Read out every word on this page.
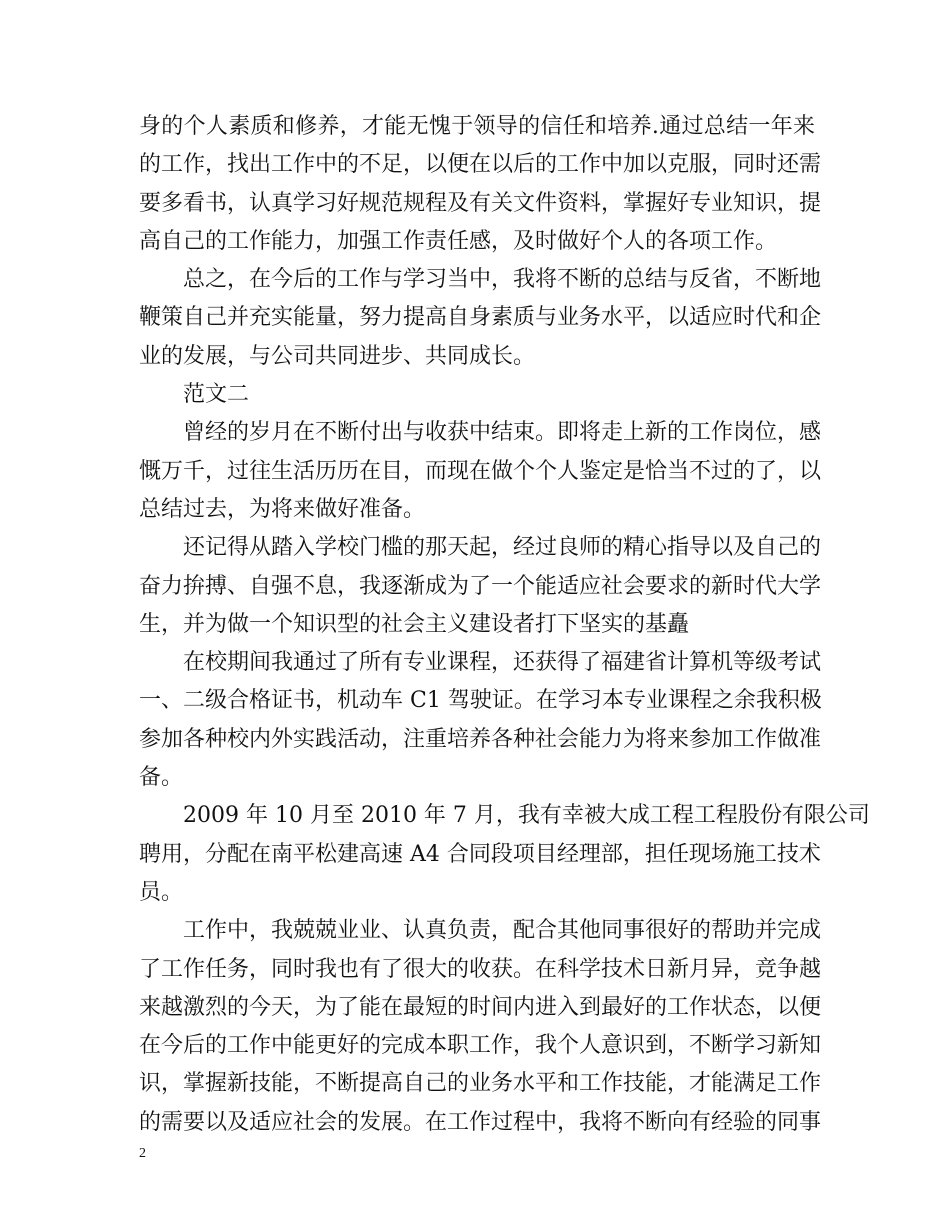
身的个人素质和修养，才能无愧于领导的信任和培养.通过总结一年来
的工作，找出工作中的不足，以便在以后的工作中加以克服，同时还需
要多看书，认真学习好规范规程及有关文件资料，掌握好专业知识，提
高自己的工作能力，加强工作责任感，及时做好个人的各项工作。
总之，在今后的工作与学习当中，我将不断的总结与反省，不断地
鞭策自己并充实能量，努力提高自身素质与业务水平，以适应时代和企
业的发展，与公司共同进步、共同成长。
范文二
曾经的岁月在不断付出与收获中结束。即将走上新的工作岗位，感
慨万千，过往生活历历在目，而现在做个个人鉴定是恰当不过的了，以
总结过去，为将来做好准备。
还记得从踏入学校门槛的那天起，经过良师的精心指导以及自己的
奋力拚搏、自强不息，我逐渐成为了一个能适应社会要求的新时代大学
生，并为做一个知识型的社会主义建设者打下坚实的基矗
在校期间我通过了所有专业课程，还获得了福建省计算机等级考试
一、二级合格证书，机动车 C1 驾驶证。在学习本专业课程之余我积极
参加各种校内外实践活动，注重培养各种社会能力为将来参加工作做准
备。
2009 年 10 月至 2010 年 7 月，我有幸被大成工程工程股份有限公司
聘用，分配在南平松建高速 A4 合同段项目经理部，担任现场施工技术
员。
工作中，我兢兢业业、认真负责，配合其他同事很好的帮助并完成
了工作任务，同时我也有了很大的收获。在科学技术日新月异，竞争越
来越激烈的今天，为了能在最短的时间内进入到最好的工作状态，以便
在今后的工作中能更好的完成本职工作，我个人意识到，不断学习新知
识，掌握新技能，不断提高自己的业务水平和工作技能，才能满足工作
的需要以及适应社会的发展。在工作过程中，我将不断向有经验的同事
2
